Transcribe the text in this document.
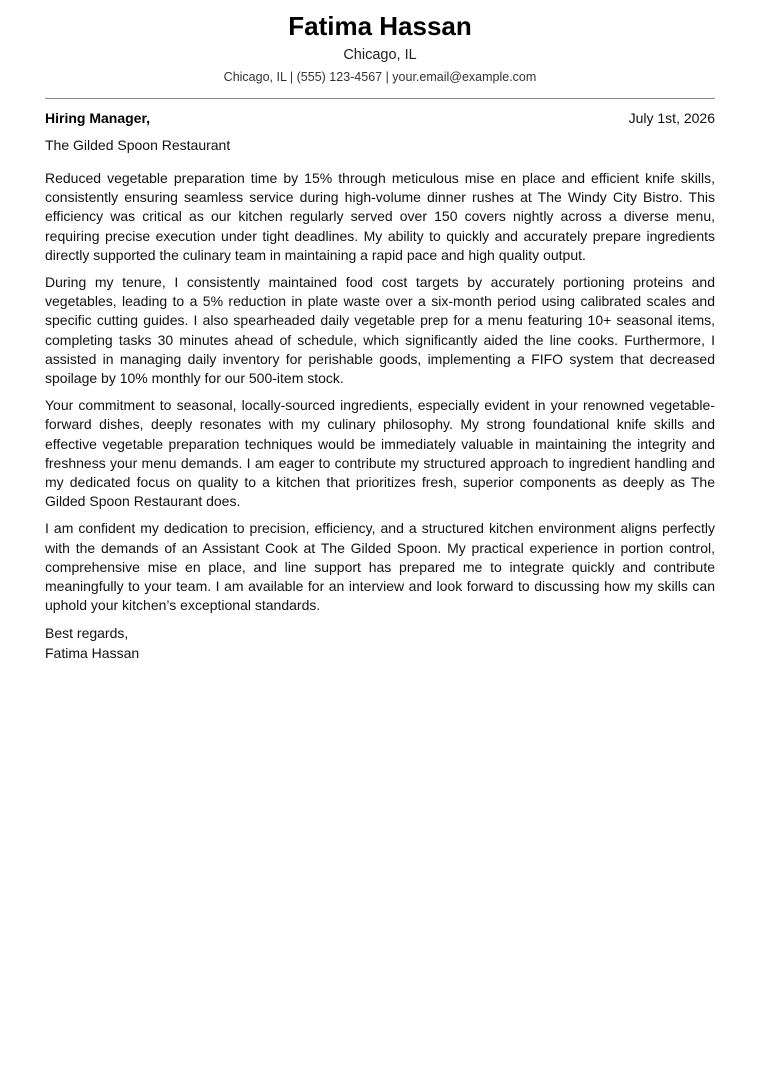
Fatima Hassan
Chicago, IL
Chicago, IL | (555) 123-4567 | your.email@example.com
Hiring Manager,	July 1st, 2026
The Gilded Spoon Restaurant

Reduced vegetable preparation time by 15% through meticulous mise en place and efficient knife skills, consistently ensuring seamless service during high-volume dinner rushes at The Windy City Bistro. This efficiency was critical as our kitchen regularly served over 150 covers nightly across a diverse menu, requiring precise execution under tight deadlines. My ability to quickly and accurately prepare ingredients directly supported the culinary team in maintaining a rapid pace and high quality output.

During my tenure, I consistently maintained food cost targets by accurately portioning proteins and vegetables, leading to a 5% reduction in plate waste over a six-month period using calibrated scales and specific cutting guides. I also spearheaded daily vegetable prep for a menu featuring 10+ seasonal items, completing tasks 30 minutes ahead of schedule, which significantly aided the line cooks. Furthermore, I assisted in managing daily inventory for perishable goods, implementing a FIFO system that decreased spoilage by 10% monthly for our 500-item stock.

Your commitment to seasonal, locally-sourced ingredients, especially evident in your renowned vegetable-forward dishes, deeply resonates with my culinary philosophy. My strong foundational knife skills and effective vegetable preparation techniques would be immediately valuable in maintaining the integrity and freshness your menu demands. I am eager to contribute my structured approach to ingredient handling and my dedicated focus on quality to a kitchen that prioritizes fresh, superior components as deeply as The Gilded Spoon Restaurant does.

I am confident my dedication to precision, efficiency, and a structured kitchen environment aligns perfectly with the demands of an Assistant Cook at The Gilded Spoon. My practical experience in portion control, comprehensive mise en place, and line support has prepared me to integrate quickly and contribute meaningfully to your team. I am available for an interview and look forward to discussing how my skills can uphold your kitchen’s exceptional standards.

Best regards,
Fatima Hassan
